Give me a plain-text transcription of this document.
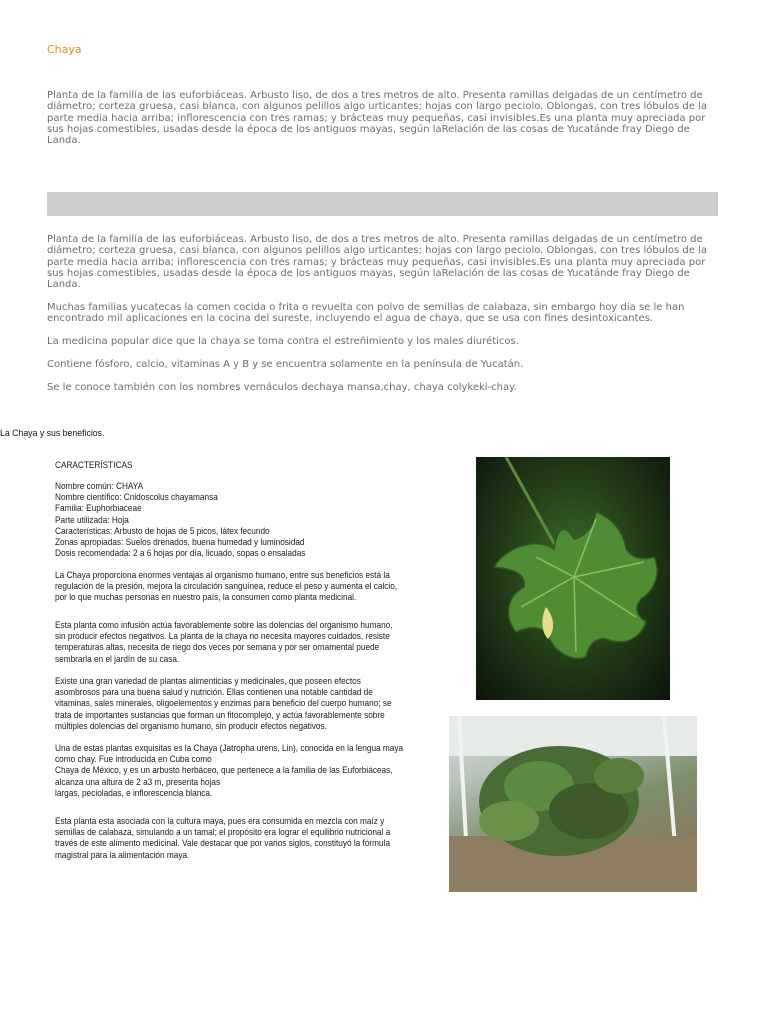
Chaya

Planta de la familia de las euforbiáceas. Arbusto liso, de dos a tres metros de alto. Presenta ramillas delgadas de un centímetro de diámetro; corteza gruesa, casi blanca, con algunos pelillos algo urticantes; hojas con largo peciolo. Oblongas, con tres lóbulos de la parte media hacia arriba; inflorescencia con tres ramas; y brácteas muy pequeñas, casi invisibles.Es una planta muy apreciada por sus hojas comestibles, usadas desde la época de los antiguos mayas, según laRelación de las cosas de Yucatánde fray Diego de Landa.

Planta de la familia de las euforbiáceas. Arbusto liso, de dos a tres metros de alto. Presenta ramillas delgadas de un centímetro de diámetro; corteza gruesa, casi blanca, con algunos pelillos algo urticantes; hojas con largo peciolo. Oblongas, con tres lóbulos de la parte media hacia arriba; inflorescencia con tres ramas; y brácteas muy pequeñas, casi invisibles.Es una planta muy apreciada por sus hojas comestibles, usadas desde la época de los antiguos mayas, según laRelación de las cosas de Yucatánde fray Diego de Landa.

Muchas familias yucatecas la comen cocida o frita o revuelta con polvo de semillas de calabaza, sin embargo hoy día se le han encontrado mil aplicaciones en la cocina del sureste, incluyendo el agua de chaya, que se usa con fines desintoxicantes.

La medicina popular dice que la chaya se toma contra el estreñimiento y los males diuréticos.

Contiene fósforo, calcio, vitaminas A y B y se encuentra solamente en la península de Yucatán.

Se le conoce también con los nombres vernáculos dechaya mansa,chay, chaya colykeki-chay.

La Chaya y sus beneficios.

CARACTERÍSTICAS

Nombre común: CHAYA
Nombre científico: Cnidoscolus chayamansa
Familia: Euphorbiaceae
Parte utilizada: Hoja
Características: Arbusto de hojas de 5 picos, látex fecundo
Zonas apropiadas: Suelos drenados, buena humedad y luminosidad
Dosis recomendada: 2 a 6 hojas por día, licuado, sopas o ensaladas

La Chaya proporciona enormes ventajas al organismo humano, entre sus beneficios está la
regulación de la presión, mejora la circulación sanguínea, reduce el peso y aumenta el calcio,
por lo que muchas personas en nuestro país, la consumen como planta medicinal.

Esta planta como infusión actúa favorablemente sobre las dolencias del organismo humano,
sin producir efectos negativos. La planta de la chaya no necesita mayores cuidados, resiste
temperaturas altas, necesita de riego dos veces por semana y por ser ornamental puede
sembrarla en el jardín de su casa.

Existe una gran variedad de plantas alimenticias y medicinales, que poseen efectos
asombrosos para una buena salud y nutrición. Ellas contienen una notable cantidad de
vitaminas, sales minerales, oligoelementos y enzimas para beneficio del cuerpo humano; se
trata de importantes sustancias que forman un fitocomplejo, y actúa favorablemente sobre
múltiples dolencias del organismo humano, sin producir efectos negativos.

Una de estas plantas exquisitas es la Chaya (Jatropha urens, Lin), conocida en la lengua maya
como chay. Fue introducida en Cuba como
Chaya de México, y es un arbusto herbáceo, que pertenece a la familia de las Euforbiáceas,
alcanza una altura de 2 a3 m, presenta hojas
largas, pecioladas, e inflorescencia blanca.

Esta planta esta asociada con la cultura maya, pues era consumida en mezcla con maíz y
semillas de calabaza, simulando a un tamal; el propósito era lograr el equilibrio nutricional a
través de este alimento medicinal. Vale destacar que por varios siglos, constituyó la fórmula
magistral para la alimentación maya.
